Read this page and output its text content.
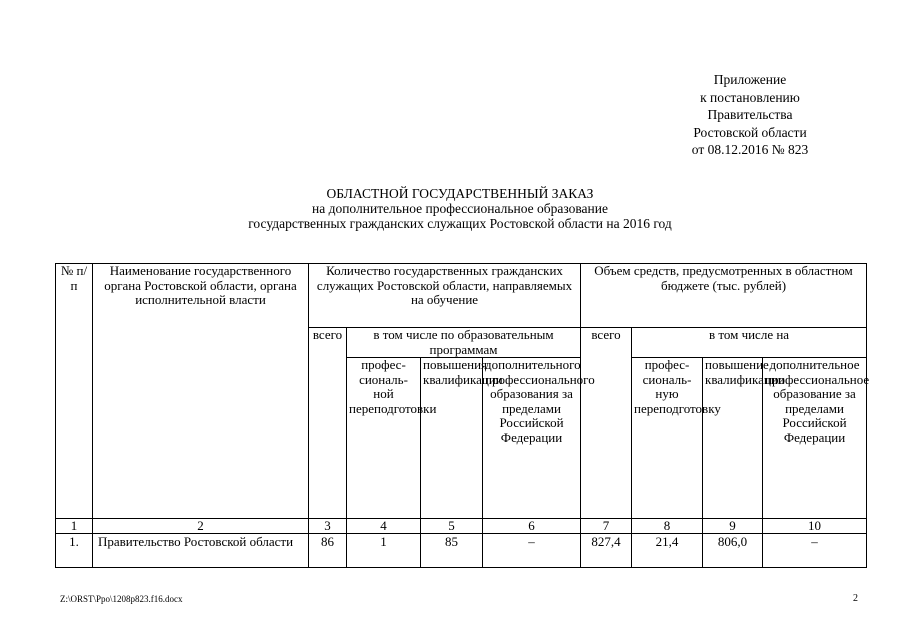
Приложение
к постановлению
Правительства
Ростовской области
от 08.12.2016 № 823
ОБЛАСТНОЙ ГОСУДАРСТВЕННЫЙ ЗАКАЗ
на дополнительное профессиональное образование
государственных гражданских служащих Ростовской области на 2016 год
№ п/п	Наименование государственного органа Ростовской области, органа исполнительной власти	Количество государственных гражданских служащих Ростовской области, направляемых на обучение				Объем средств, предусмотренных в областном бюджете (тыс. рублей)			
		всего	в том числе по образовательным программам			всего	в том числе на		
			профес-сиональ-ной переподготовки	повышения квалификации	дополнительного профессионального образования за пределами Российской Федерации		профес-сиональ-ную переподготовку	повышение квалификации	дополнительное профессиональное образование за пределами Российской Федерации
1	2	3	4	5	6	7	8	9	10
1.	Правительство Ростовской области	86	1	85	–	827,4	21,4	806,0	–
Z:\ORST\Ppo\1208p823.f16.docx	2
